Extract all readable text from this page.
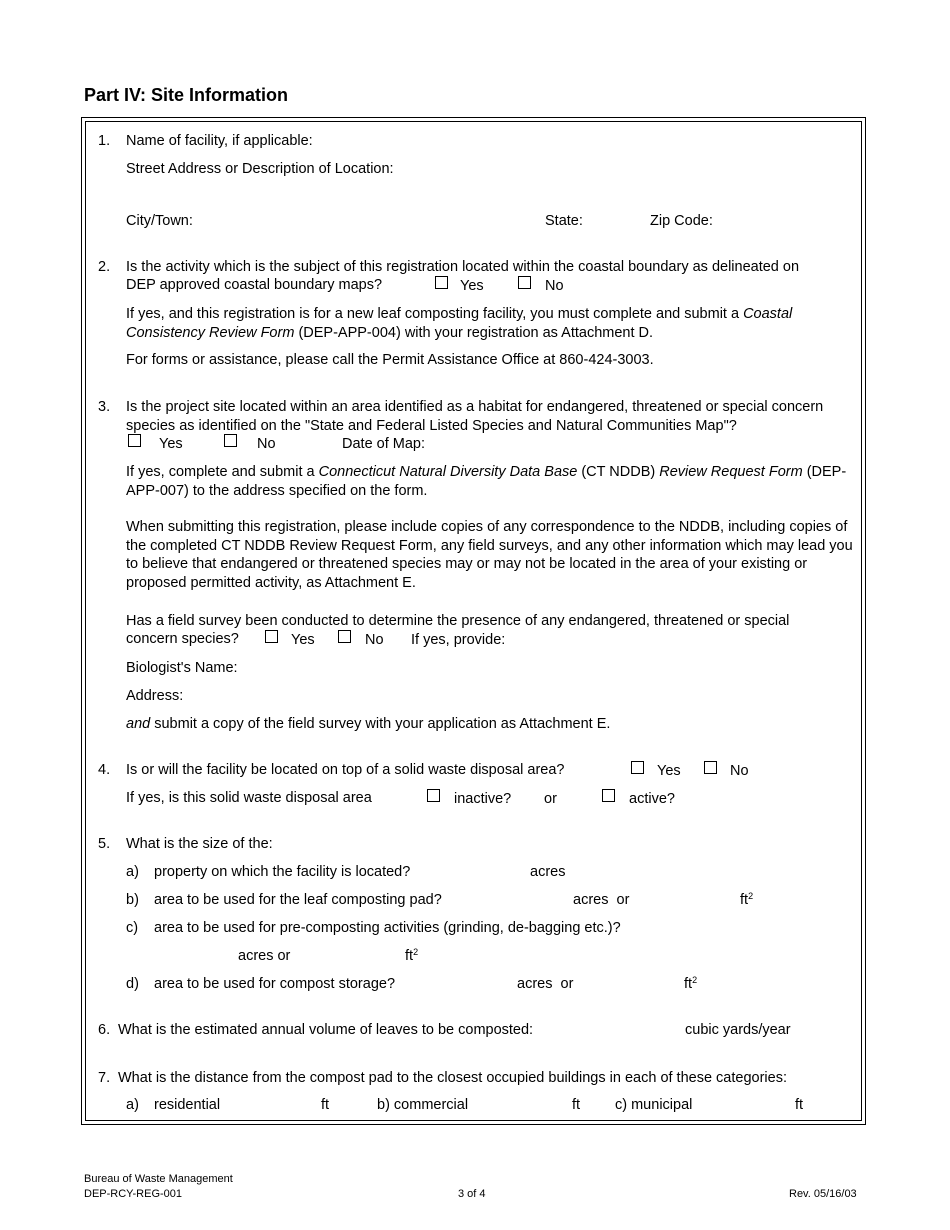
Part IV: Site Information
1. Name of facility, if applicable:
Street Address or Description of Location:
City/Town:	State:	Zip Code:
2. Is the activity which is the subject of this registration located within the coastal boundary as delineated on
DEP approved coastal boundary maps?	Yes	No
If yes, and this registration is for a new leaf composting facility, you must complete and submit a Coastal Consistency Review Form (DEP-APP-004) with your registration as Attachment D.
For forms or assistance, please call the Permit Assistance Office at 860-424-3003.
3. Is the project site located within an area identified as a habitat for endangered, threatened or special concern species as identified on the "State and Federal Listed Species and Natural Communities Map"?
Yes	No	Date of Map:
If yes, complete and submit a Connecticut Natural Diversity Data Base (CT NDDB) Review Request Form (DEP-APP-007) to the address specified on the form.
When submitting this registration, please include copies of any correspondence to the NDDB, including copies of the completed CT NDDB Review Request Form, any field surveys, and any other information which may lead you to believe that endangered or threatened species may or may not be located in the area of your existing or proposed permitted activity, as Attachment E.
Has a field survey been conducted to determine the presence of any endangered, threatened or special
concern species?	Yes	No If yes, provide:
Biologist's Name:
Address:
and submit a copy of the field survey with your application as Attachment E.
4. Is or will the facility be located on top of a solid waste disposal area?	Yes	No
If yes, is this solid waste disposal area	inactive? or	active?
5. What is the size of the:
a) property on which the facility is located?	acres
b) area to be used for the leaf composting pad?	acres  or	$ft^2$
c) area to be used for pre-composting activities (grinding, de-bagging etc.)?
acres or	$ft^2$
d) area to be used for compost storage?	acres  or	$ft^2$
6. What is the estimated annual volume of leaves to be composted:	cubic yards/year
7. What is the distance from the compost pad to the closest occupied buildings in each of these categories:
a) residential	ft	b) commercial	ft c) municipal	ft
Bureau of Waste Management
DEP-RCY-REG-001	3 of 4	Rev. 05/16/03
